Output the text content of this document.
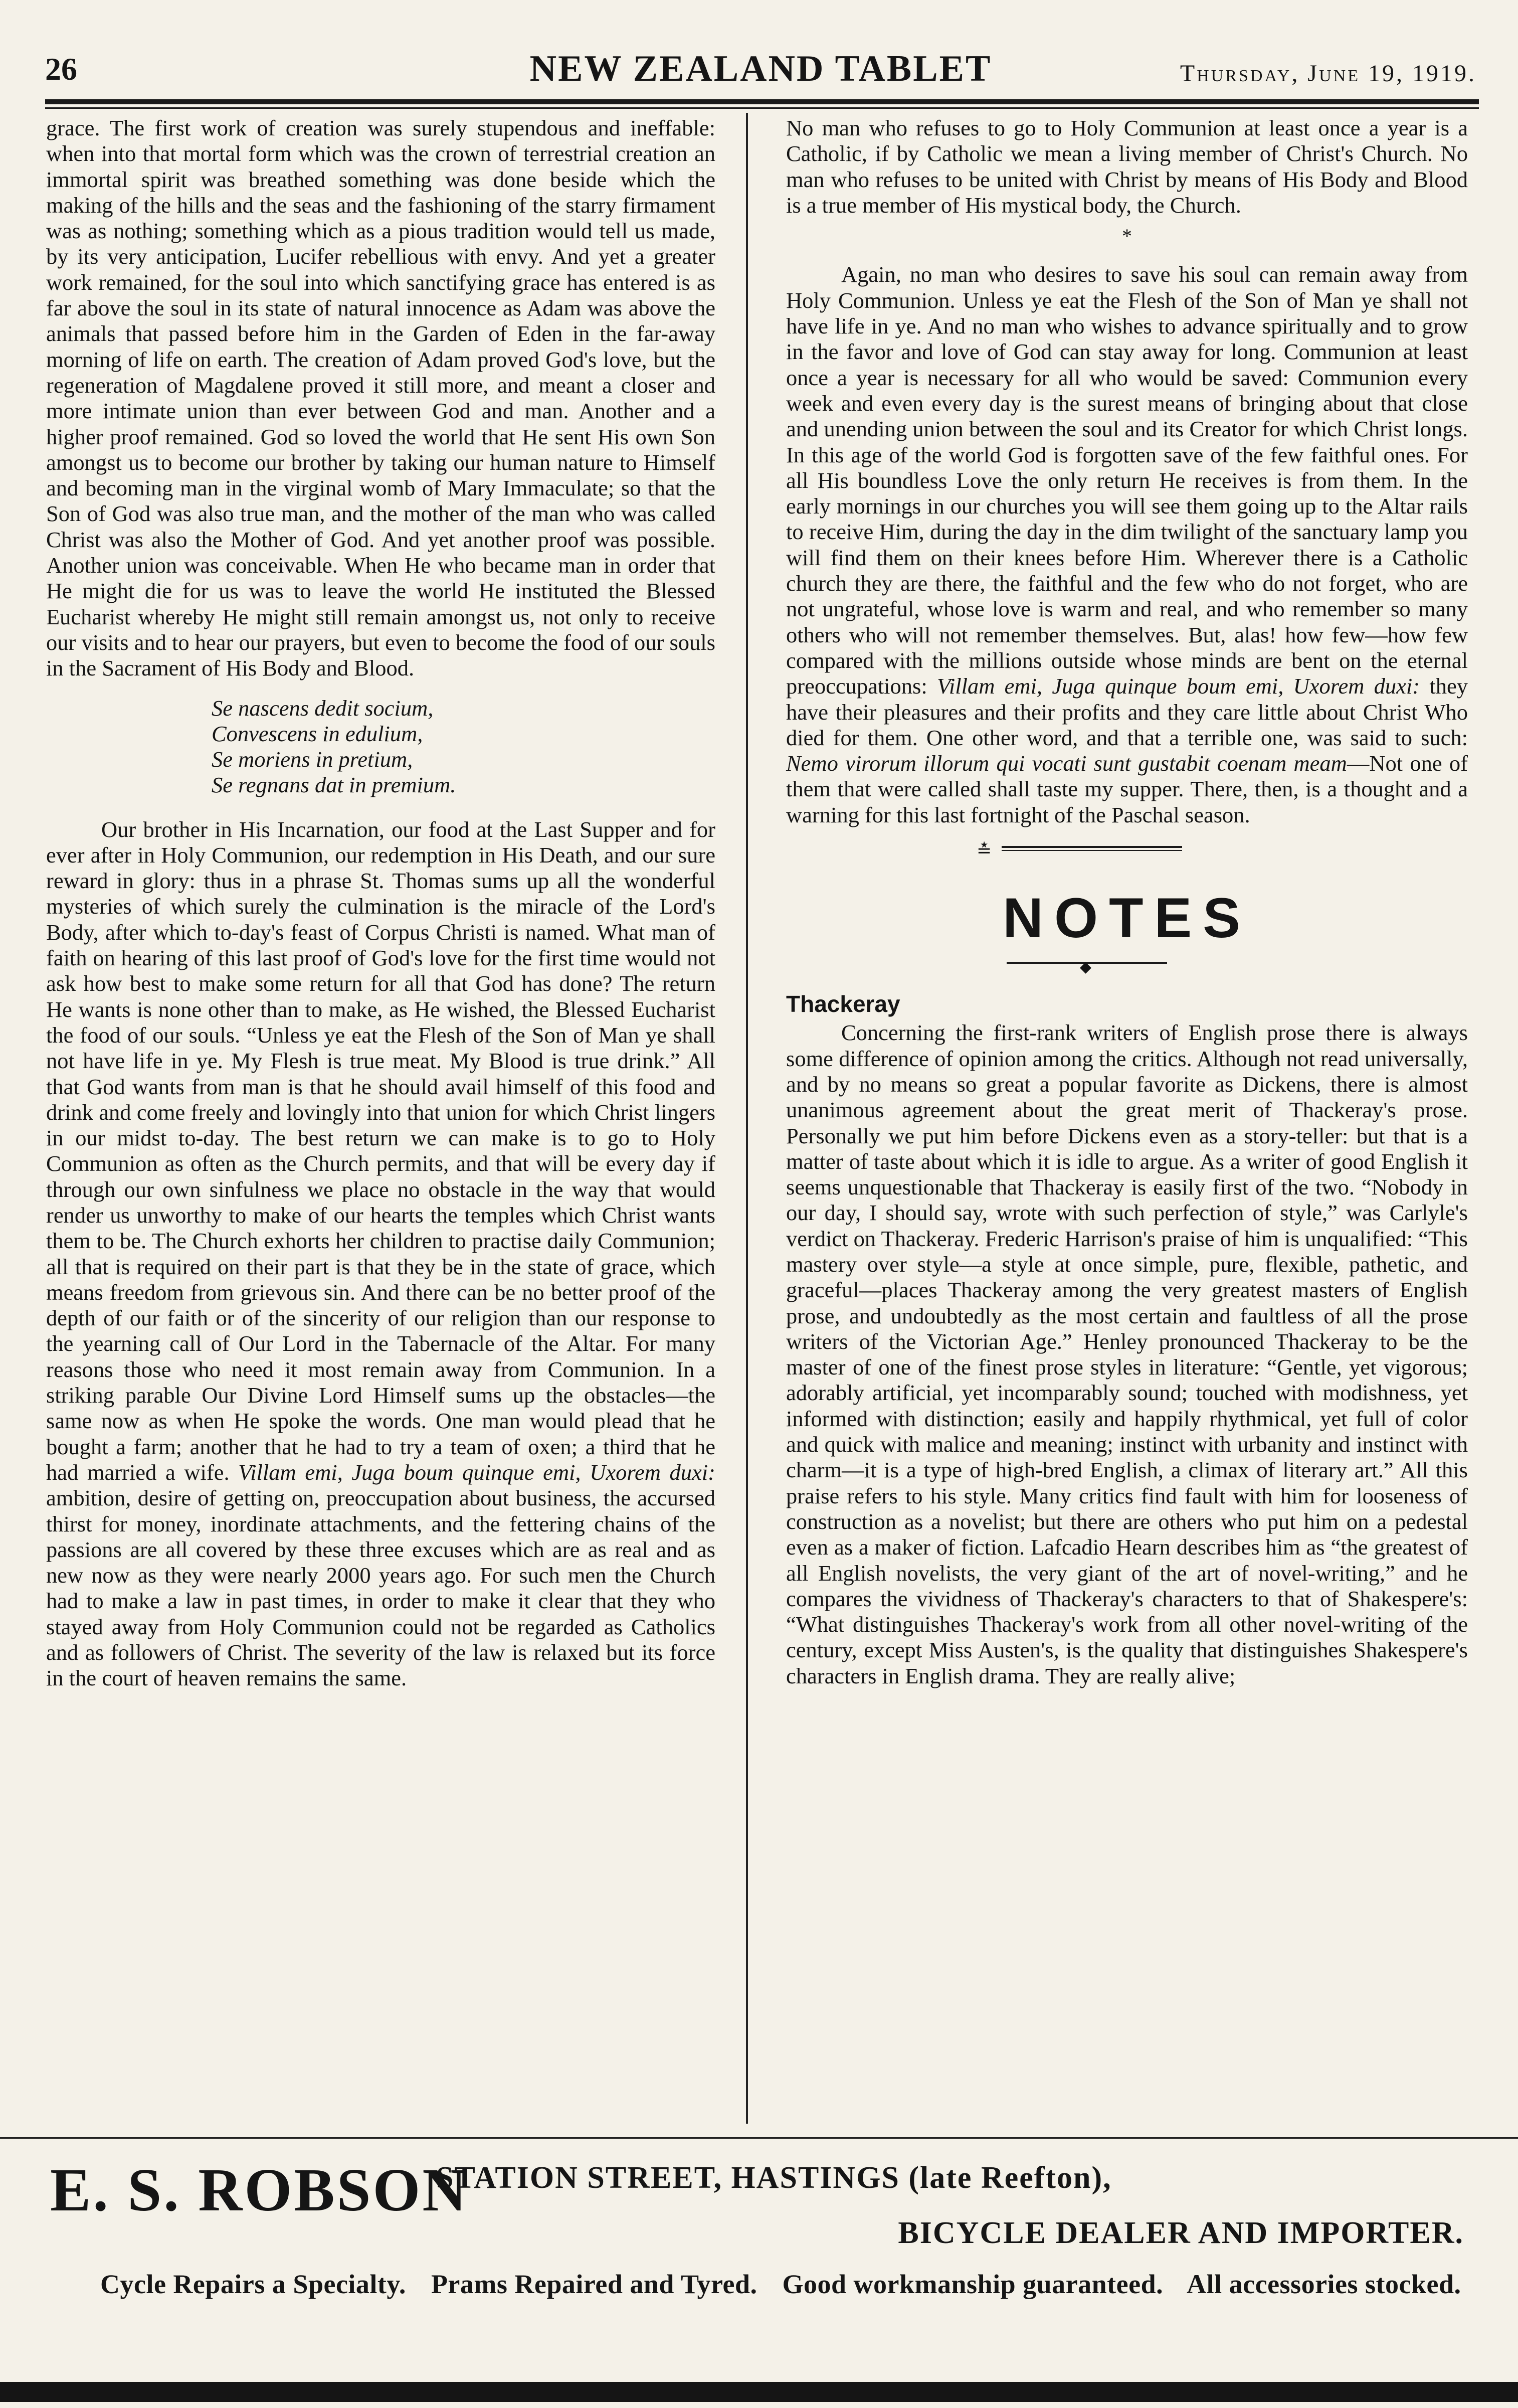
26	NEW ZEALAND TABLET	Thursday, June 19, 1919.

grace. The first work of creation was surely stupendous and ineffable: when into that mortal form which was the crown of terrestrial creation an immortal spirit was breathed something was done beside which the making of the hills and the seas and the fashioning of the starry firmament was as nothing; something which as a pious tradition would tell us made, by its very anticipation, Lucifer rebellious with envy. And yet a greater work remained, for the soul into which sanctifying grace has entered is as far above the soul in its state of natural innocence as Adam was above the animals that passed before him in the Garden of Eden in the far-away morning of life on earth. The creation of Adam proved God's love, but the regeneration of Magdalene proved it still more, and meant a closer and more intimate union than ever between God and man. Another and a higher proof remained. God so loved the world that He sent His own Son amongst us to become our brother by taking our human nature to Himself and becoming man in the virginal womb of Mary Immaculate; so that the Son of God was also true man, and the mother of the man who was called Christ was also the Mother of God. And yet another proof was possible. Another union was conceivable. When He who became man in order that He might die for us was to leave the world He instituted the Blessed Eucharist whereby He might still remain amongst us, not only to receive our visits and to hear our prayers, but even to become the food of our souls in the Sacrament of His Body and Blood.

Se nascens dedit socium,
Convescens in edulium,
Se moriens in pretium,
Se regnans dat in premium.

Our brother in His Incarnation, our food at the Last Supper and for ever after in Holy Communion, our redemption in His Death, and our sure reward in glory: thus in a phrase St. Thomas sums up all the wonderful mysteries of which surely the culmination is the miracle of the Lord's Body, after which to-day's feast of Corpus Christi is named. What man of faith on hearing of this last proof of God's love for the first time would not ask how best to make some return for all that God has done? The return He wants is none other than to make, as He wished, the Blessed Eucharist the food of our souls. “Unless ye eat the Flesh of the Son of Man ye shall not have life in ye. My Flesh is true meat. My Blood is true drink.” All that God wants from man is that he should avail himself of this food and drink and come freely and lovingly into that union for which Christ lingers in our midst to-day. The best return we can make is to go to Holy Communion as often as the Church permits, and that will be every day if through our own sinfulness we place no obstacle in the way that would render us unworthy to make of our hearts the temples which Christ wants them to be. The Church exhorts her children to practise daily Communion; all that is required on their part is that they be in the state of grace, which means freedom from grievous sin. And there can be no better proof of the depth of our faith or of the sincerity of our religion than our response to the yearning call of Our Lord in the Tabernacle of the Altar. For many reasons those who need it most remain away from Communion. In a striking parable Our Divine Lord Himself sums up the obstacles—the same now as when He spoke the words. One man would plead that he bought a farm; another that he had to try a team of oxen; a third that he had married a wife. Villam emi, Juga boum quinque emi, Uxorem duxi: ambition, desire of getting on, preoccupation about business, the accursed thirst for money, inordinate attachments, and the fettering chains of the passions are all covered by these three excuses which are as real and as new now as they were nearly 2000 years ago. For such men the Church had to make a law in past times, in order to make it clear that they who stayed away from Holy Communion could not be regarded as Catholics and as followers of Christ. The severity of the law is relaxed but its force in the court of heaven remains the same.

No man who refuses to go to Holy Communion at least once a year is a Catholic, if by Catholic we mean a living member of Christ's Church. No man who refuses to be united with Christ by means of His Body and Blood is a true member of His mystical body, the Church.

*

Again, no man who desires to save his soul can remain away from Holy Communion. Unless ye eat the Flesh of the Son of Man ye shall not have life in ye. And no man who wishes to advance spiritually and to grow in the favor and love of God can stay away for long. Communion at least once a year is necessary for all who would be saved: Communion every week and even every day is the surest means of bringing about that close and unending union between the soul and its Creator for which Christ longs. In this age of the world God is forgotten save of the few faithful ones. For all His boundless Love the only return He receives is from them. In the early mornings in our churches you will see them going up to the Altar rails to receive Him, during the day in the dim twilight of the sanctuary lamp you will find them on their knees before Him. Wherever there is a Catholic church they are there, the faithful and the few who do not forget, who are not ungrateful, whose love is warm and real, and who remember so many others who will not remember themselves. But, alas! how few—how few compared with the millions outside whose minds are bent on the eternal preoccupations: Villam emi, Juga quinque boum emi, Uxorem duxi: they have their pleasures and their profits and they care little about Christ Who died for them. One other word, and that a terrible one, was said to such: Nemo virorum illorum qui vocati sunt gustabit coenam meam—Not one of them that were called shall taste my supper. There, then, is a thought and a warning for this last fortnight of the Paschal season.

≛
NOTES
◆
Thackeray

Concerning the first-rank writers of English prose there is always some difference of opinion among the critics. Although not read universally, and by no means so great a popular favorite as Dickens, there is almost unanimous agreement about the great merit of Thackeray's prose. Personally we put him before Dickens even as a story-teller: but that is a matter of taste about which it is idle to argue. As a writer of good English it seems unquestionable that Thackeray is easily first of the two. “Nobody in our day, I should say, wrote with such perfection of style,” was Carlyle's verdict on Thackeray. Frederic Harrison's praise of him is unqualified: “This mastery over style—a style at once simple, pure, flexible, pathetic, and graceful—places Thackeray among the very greatest masters of English prose, and undoubtedly as the most certain and faultless of all the prose writers of the Victorian Age.” Henley pronounced Thackeray to be the master of one of the finest prose styles in literature: “Gentle, yet vigorous; adorably artificial, yet incomparably sound; touched with modishness, yet informed with distinction; easily and happily rhythmical, yet full of color and quick with malice and meaning; instinct with urbanity and instinct with charm—it is a type of high-bred English, a climax of literary art.” All this praise refers to his style. Many critics find fault with him for looseness of construction as a novelist; but there are others who put him on a pedestal even as a maker of fiction. Lafcadio Hearn describes him as “the greatest of all English novelists, the very giant of the art of novel-writing,” and he compares the vividness of Thackeray's characters to that of Shakespere's: “What distinguishes Thackeray's work from all other novel-writing of the century, except Miss Austen's, is the quality that distinguishes Shakespere's characters in English drama. They are really alive;

E. S. ROBSON
STATION STREET, HASTINGS (late Reefton),
BICYCLE DEALER AND IMPORTER.
Cycle Repairs a Specialty. Prams Repaired and Tyred. Good workmanship guaranteed. All accessories stocked.
